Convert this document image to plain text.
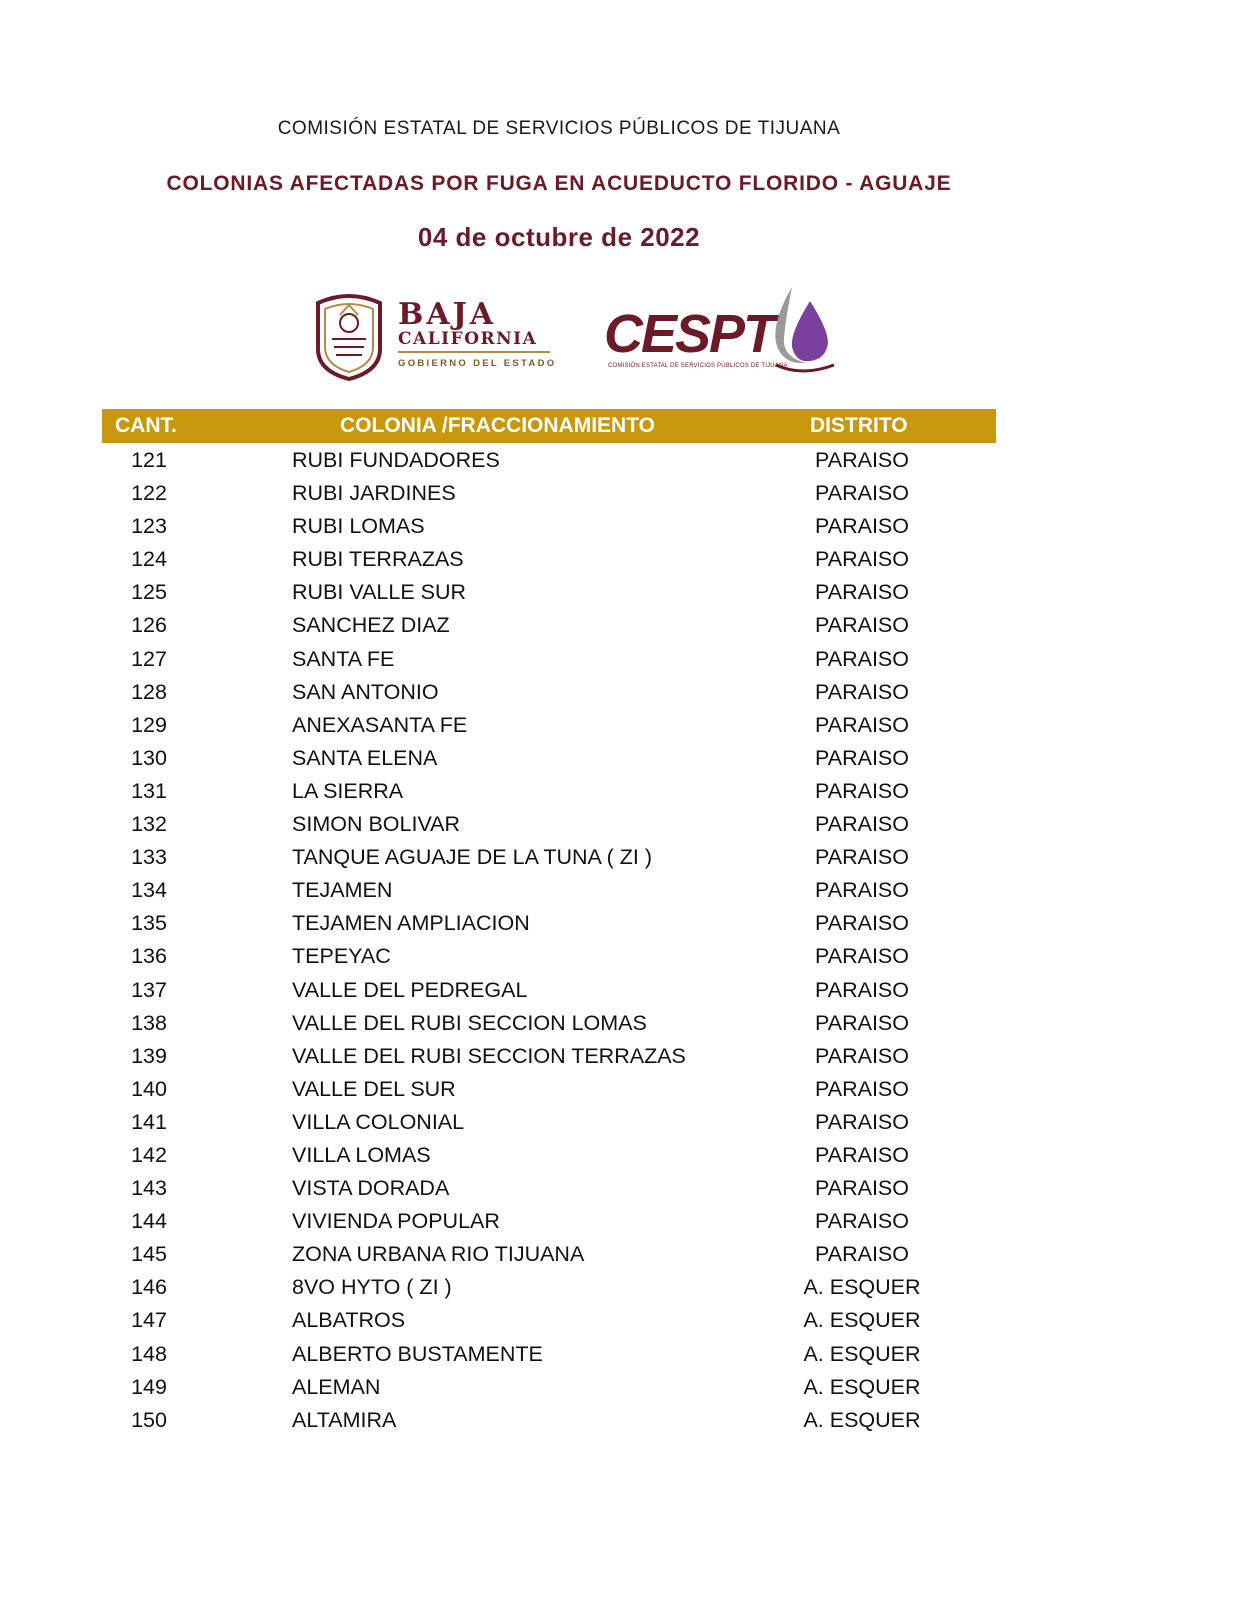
COMISIÓN ESTATAL DE SERVICIOS PÚBLICOS DE TIJUANA
COLONIAS AFECTADAS POR FUGA EN ACUEDUCTO FLORIDO - AGUAJE
04 de octubre de 2022
BAJA
CALIFORNIA
GOBIERNO DEL ESTADO CESPT
COMISIÓN ESTATAL DE SERVICIOS PÚBLICOS DE TIJUANA
CANT.	COLONIA /FRACCIONAMIENTO	DISTRITO
121	RUBI FUNDADORES	PARAISO
122	RUBI JARDINES	PARAISO
123	RUBI LOMAS	PARAISO
124	RUBI TERRAZAS	PARAISO
125	RUBI VALLE SUR	PARAISO
126	SANCHEZ DIAZ	PARAISO
127	SANTA FE	PARAISO
128	SAN ANTONIO	PARAISO
129	ANEXASANTA FE	PARAISO
130	SANTA ELENA	PARAISO
131	LA SIERRA	PARAISO
132	SIMON BOLIVAR	PARAISO
133	TANQUE AGUAJE DE LA TUNA ( ZI )	PARAISO
134	TEJAMEN	PARAISO
135	TEJAMEN AMPLIACION	PARAISO
136	TEPEYAC	PARAISO
137	VALLE DEL PEDREGAL	PARAISO
138	VALLE DEL RUBI SECCION LOMAS	PARAISO
139	VALLE DEL RUBI SECCION TERRAZAS	PARAISO
140	VALLE DEL SUR	PARAISO
141	VILLA COLONIAL	PARAISO
142	VILLA LOMAS	PARAISO
143	VISTA DORADA	PARAISO
144	VIVIENDA POPULAR	PARAISO
145	ZONA URBANA RIO TIJUANA	PARAISO
146	8VO HYTO ( ZI )	A. ESQUER
147	ALBATROS	A. ESQUER
148	ALBERTO BUSTAMENTE	A. ESQUER
149	ALEMAN	A. ESQUER
150	ALTAMIRA	A. ESQUER
